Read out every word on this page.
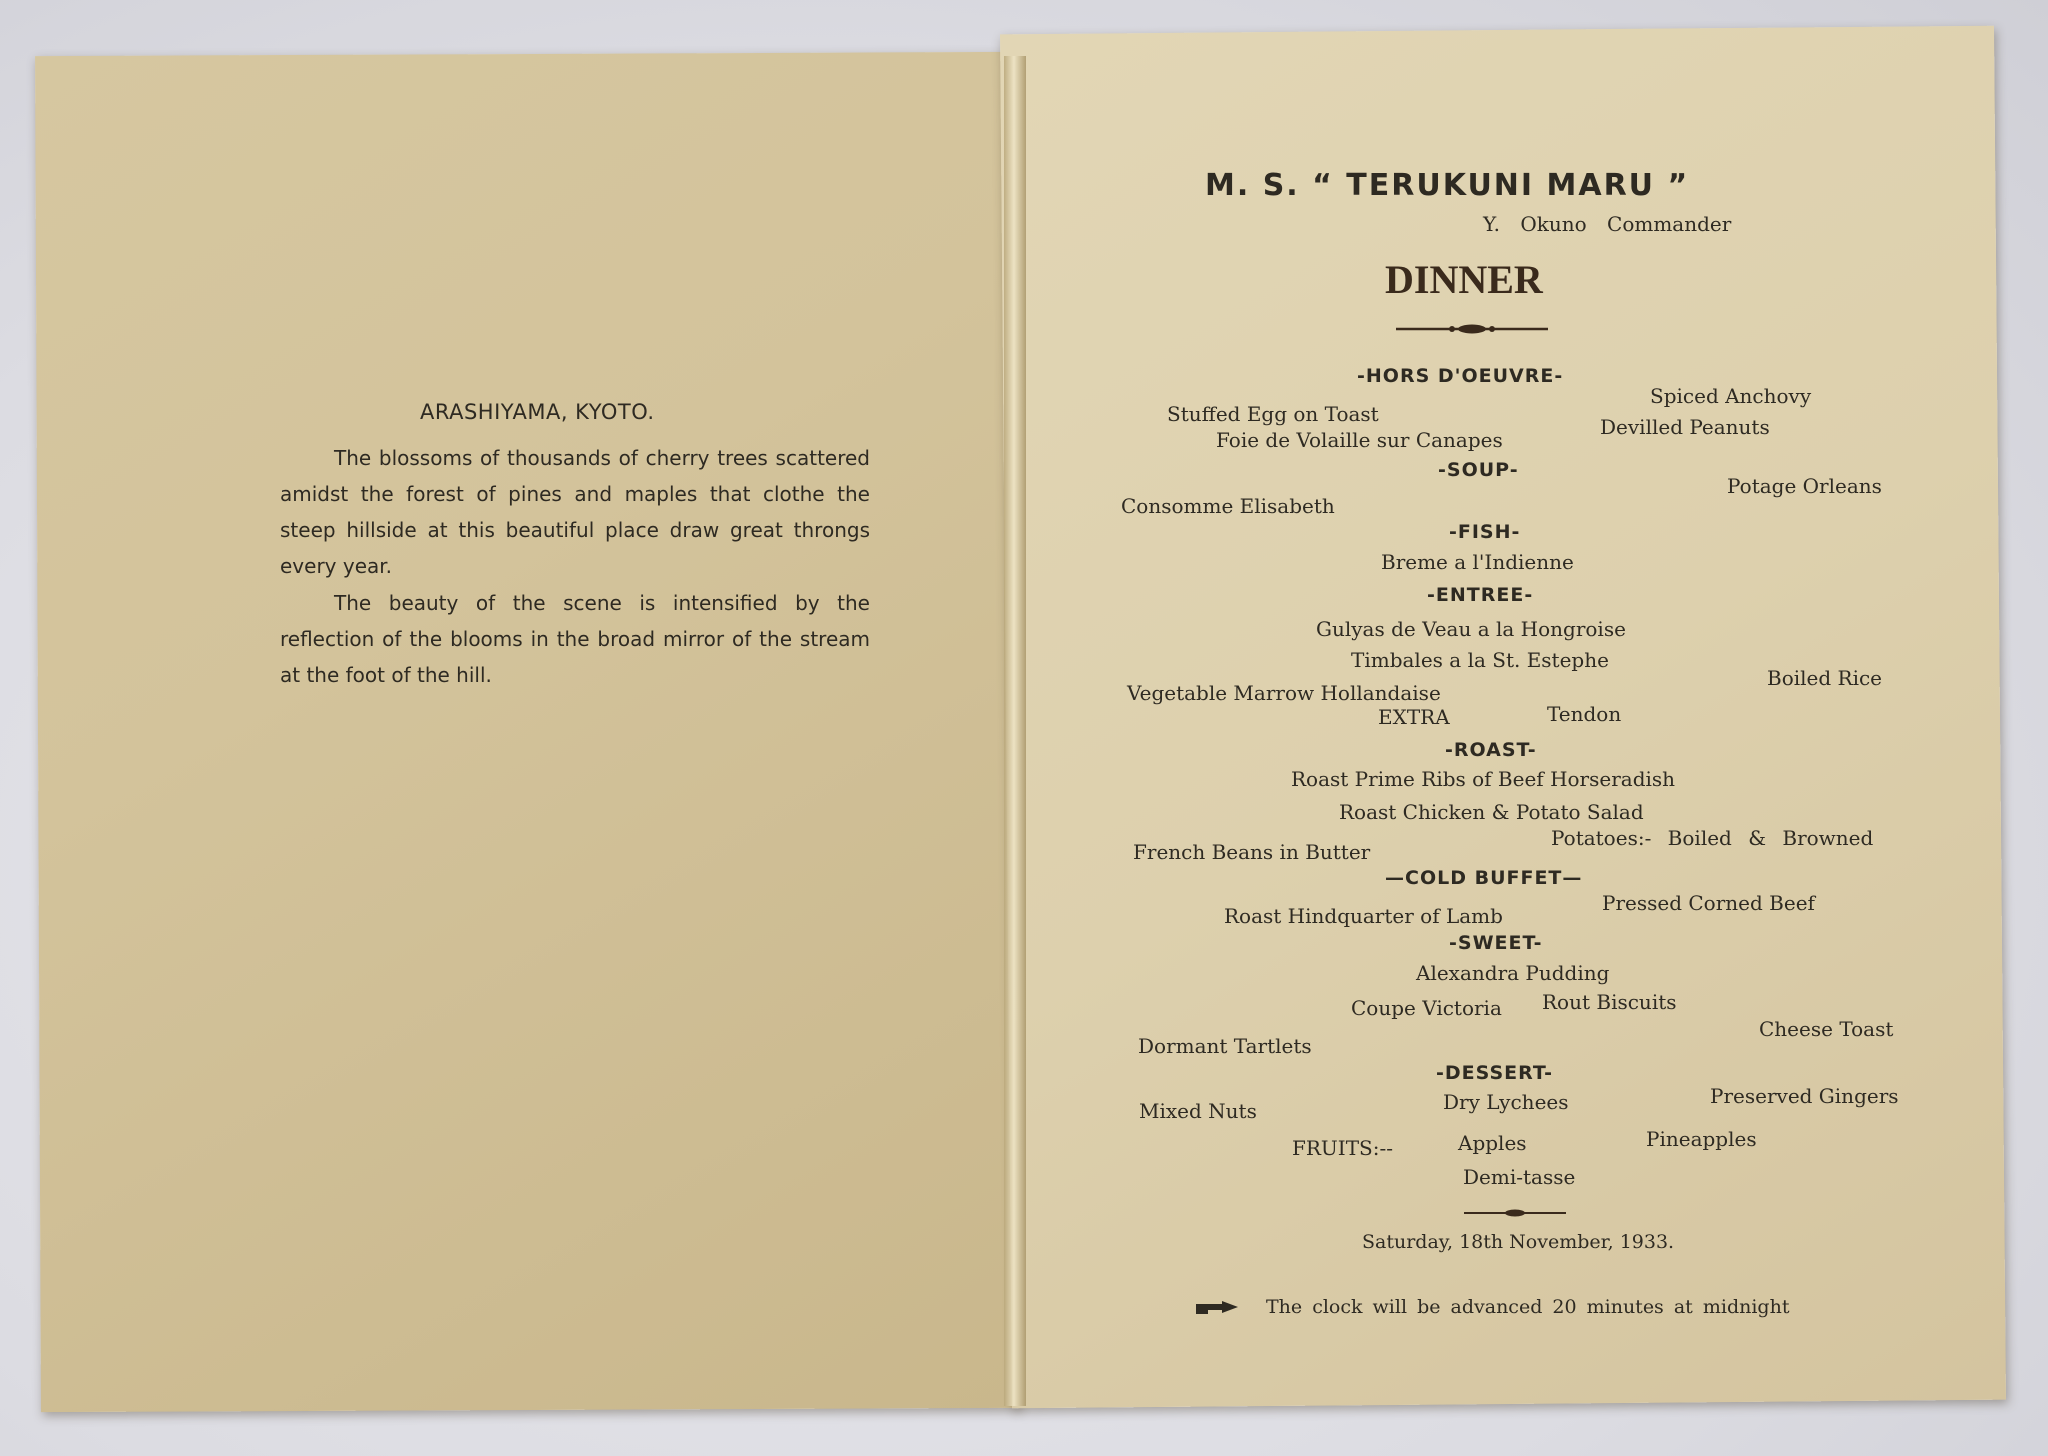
ARASHIYAMA, KYOTO.
The blossoms of thousands of cherry trees scattered amidst the forest of pines and maples that clothe the steep hillside at this beautiful place draw great throngs every year.
The beauty of the scene is intensified by the reflection of the blooms in the broad mirror of the stream at the foot of the hill.
M. S. “ TERUKUNI MARU ”
Y. Okuno Commander
DINNER
-HORS D'OEUVRE-
Stuffed Egg on Toast
Spiced Anchovy
Foie de Volaille sur Canapes
Devilled Peanuts
-SOUP-
Consomme Elisabeth
Potage Orleans
-FISH-
Breme a l'Indienne
-ENTREE-
Gulyas de Veau a la Hongroise
Timbales a la St. Estephe
Vegetable Marrow Hollandaise
Boiled Rice
EXTRA	Tendon
-ROAST-
Roast Prime Ribs of Beef Horseradish
Roast Chicken & Potato Salad
French Beans in Butter
Potatoes:- Boiled & Browned
—COLD BUFFET—
Roast Hindquarter of Lamb
Pressed Corned Beef
-SWEET-
Alexandra Pudding
Coupe Victoria Rout Biscuits
Dormant Tartlets
Cheese Toast
-DESSERT-
Mixed Nuts	Dry Lychees	Preserved Gingers
FRUITS:--	Apples	Pineapples
Demi-tasse
Saturday, 18th November, 1933.
The clock will be advanced 20 minutes at midnight
